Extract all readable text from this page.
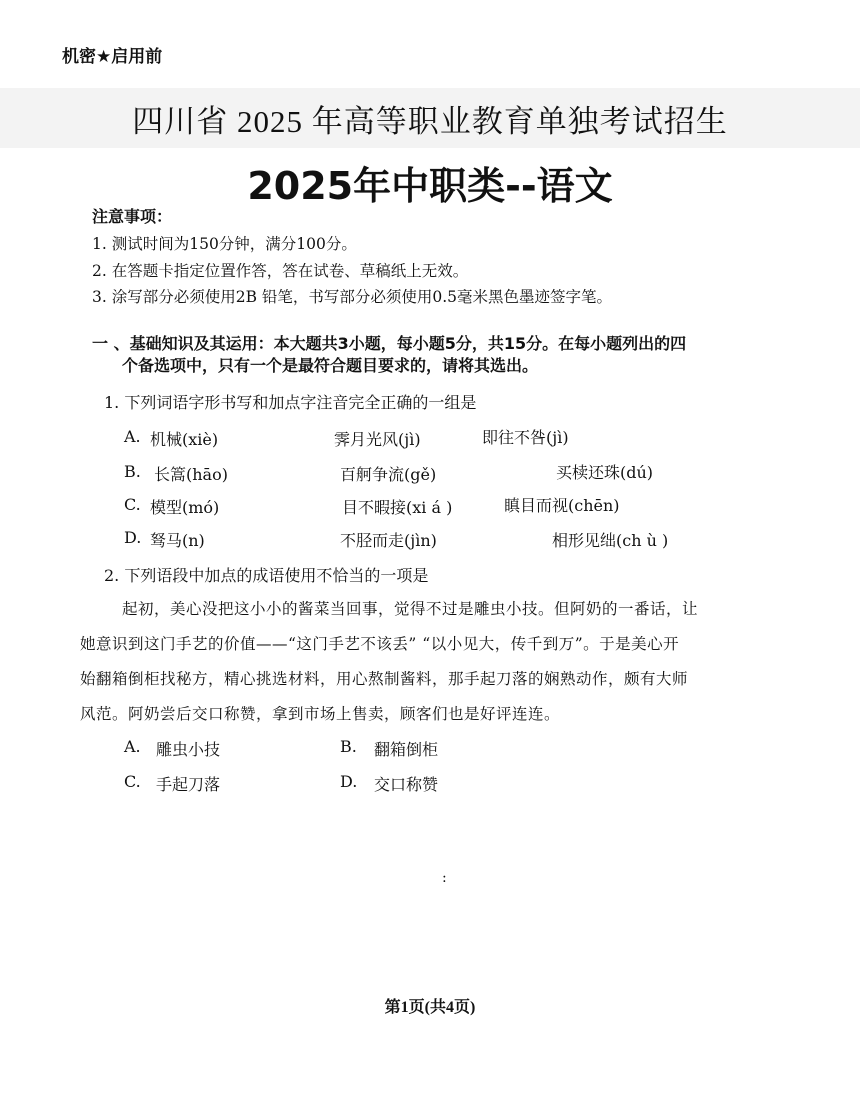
机密★启用前
四川省 2025 年高等职业教育单独考试招生
2025年中职类--语文
注意事项：
1. 测试时间为150分钟，满分100分。
2. 在答题卡指定位置作答，答在试卷、草稿纸上无效。
3. 涂写部分必须使用2B 铅笔，书写部分必须使用0.5毫米黑色墨迹签字笔。
一 、基础知识及其运用：本大题共3小题，每小题5分，共15分。在每小题列出的四
个备选项中，只有一个是最符合题目要求的，请将其选出。
1. 下列词语字形书写和加点字注音完全正确的一组是
A. 机械(xiè)	霁月光风(jì)	即往不咎(jì)
B. 长篙(hāo)	百舸争流(gě)	买椟还珠(dú)
C. 模型(mó)	目不暇接(xi á )	瞋目而视(chēn)
D. 驽马(n)	不胫而走(jìn)	相形见绌(ch ù )
2. 下列语段中加点的成语使用不恰当的一项是
起初，美心没把这小小的酱菜当回事，觉得不过是雕虫小技。但阿奶的一番话，让
她意识到这门手艺的价值——“这门手艺不该丢” “以小见大，传千到万”。于是美心开
始翻箱倒柜找秘方，精心挑选材料，用心熬制酱料，那手起刀落的娴熟动作，颇有大师
风范。阿奶尝后交口称赞，拿到市场上售卖，顾客们也是好评连连。
A. 雕虫小技	B. 翻箱倒柜
C. 手起刀落	D. 交口称赞
:
第1页(共4页)
